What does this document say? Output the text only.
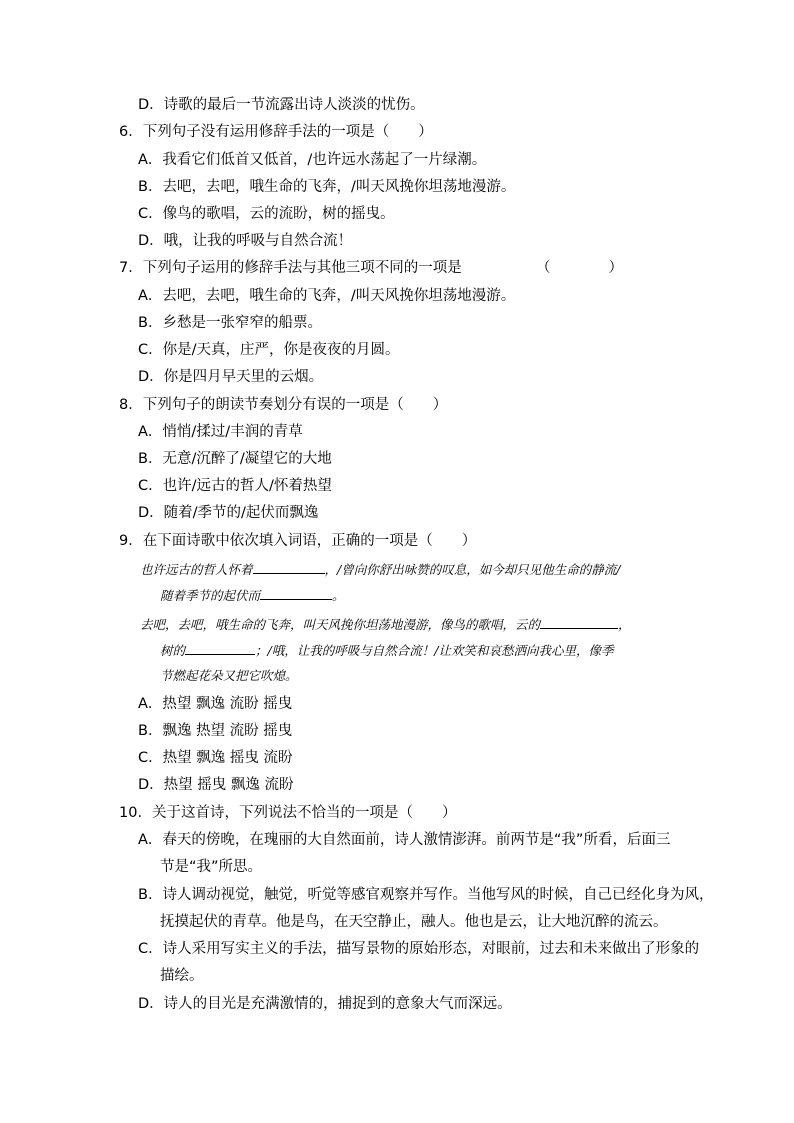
D．诗歌的最后一节流露出诗人淡淡的忧伤。
6．下列句子没有运用修辞手法的一项是（　　）
A．我看它们低首又低首，/也许远水荡起了一片绿潮。
B．去吧，去吧，哦生命的飞奔，/叫天风挽你坦荡地漫游。
C．像鸟的歌唱，云的流盼，树的摇曳。
D．哦，让我的呼吸与自然合流！
7．下列句子运用的修辞手法与其他三项不同的一项是	（　　　　）
A．去吧，去吧，哦生命的飞奔，/叫天风挽你坦荡地漫游。
B．乡愁是一张窄窄的船票。
C．你是/天真，庄严，你是夜夜的月圆。
D．你是四月早天里的云烟。
8．下列句子的朗读节奏划分有误的一项是（　　）
A．悄悄/揉过/丰润的青草
B．无意/沉醉了/凝望它的大地
C．也许/远古的哲人/怀着热望
D．随着/季节的/起伏而飘逸
9．在下面诗歌中依次填入词语，正确的一项是（　　）
也许远古的哲人怀着	，/曾向你舒出咏赞的叹息，如今却只见他生命的静流/
随着季节的起伏而	。
去吧，去吧，哦生命的飞奔，叫天风挽你坦荡地漫游，像鸟的歌唱，云的	，
树的	；/哦，让我的呼吸与自然合流！/让欢笑和哀愁洒向我心里，像季
节燃起花朵又把它吹熄。
A．热望 飘逸 流盼 摇曳
B．飘逸 热望 流盼 摇曳
C．热望 飘逸 摇曳 流盼
D．热望 摇曳 飘逸 流盼
10．关于这首诗，下列说法不恰当的一项是（　　）
A．春天的傍晚，在瑰丽的大自然面前，诗人激情澎湃。前两节是“我”所看，后面三
节是“我”所思。
B．诗人调动视觉，触觉，听觉等感官观察并写作。当他写风的时候，自己已经化身为风，
抚摸起伏的青草。他是鸟，在天空静止，融人。他也是云，让大地沉醉的流云。
C．诗人采用写实主义的手法，描写景物的原始形态，对眼前，过去和未来做出了形象的
描绘。
D．诗人的目光是充满激情的，捕捉到的意象大气而深远。
